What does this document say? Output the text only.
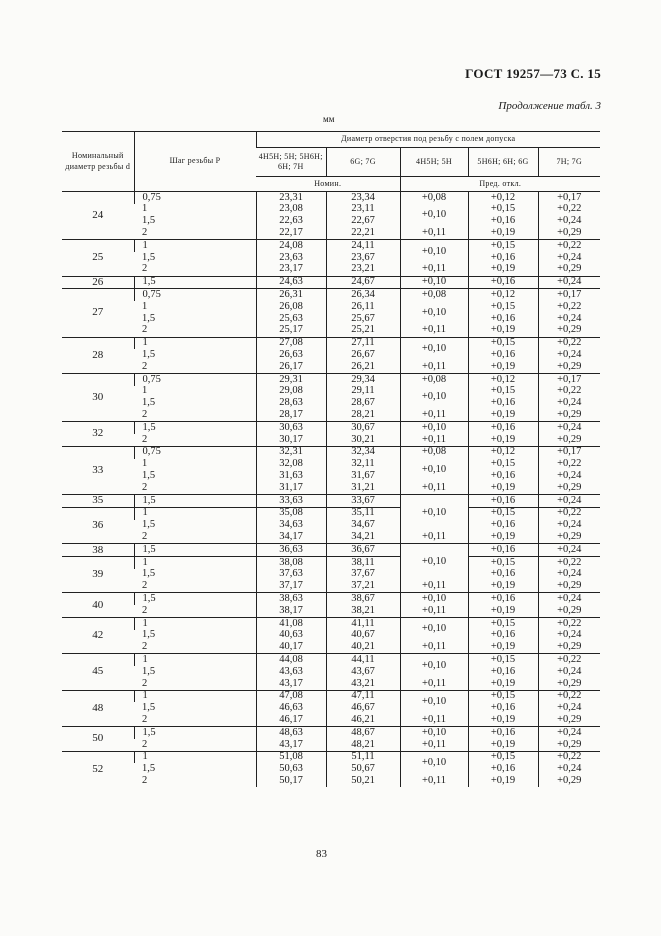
ГОСТ 19257—73 С. 15
Продолжение табл. 3
мм
Номинальный диаметр резьбы d	Шаг резьбы P	Диаметр отверстия под резьбу с полем допуска				
		4H5H; 5H; 5H6H; 6H; 7H	6G; 7G	4H5H; 5H	5H6H; 6H; 6G	7H; 7G
		Номин.		Пред. откл.		
24	0,75	23,31	23,34	+0,08	+0,12	+0,17
	1	23,08	23,11	+0,10	+0,15	+0,22
	1,5	22,63	22,67		+0,16	+0,24
	2	22,17	22,21	+0,11	+0,19	+0,29
25	1	24,08	24,11	+0,10	+0,15	+0,22
	1,5	23,63	23,67		+0,16	+0,24
	2	23,17	23,21	+0,11	+0,19	+0,29
26	1,5	24,63	24,67	+0,10	+0,16	+0,24
27	0,75	26,31	26,34	+0,08	+0,12	+0,17
	1	26,08	26,11	+0,10	+0,15	+0,22
	1,5	25,63	25,67		+0,16	+0,24
	2	25,17	25,21	+0,11	+0,19	+0,29
28	1	27,08	27,11	+0,10	+0,15	+0,22
	1,5	26,63	26,67		+0,16	+0,24
	2	26,17	26,21	+0,11	+0,19	+0,29
30	0,75	29,31	29,34	+0,08	+0,12	+0,17
	1	29,08	29,11	+0,10	+0,15	+0,22
	1,5	28,63	28,67		+0,16	+0,24
	2	28,17	28,21	+0,11	+0,19	+0,29
32	1,5	30,63	30,67	+0,10	+0,16	+0,24
	2	30,17	30,21	+0,11	+0,19	+0,29
33	0,75	32,31	32,34	+0,08	+0,12	+0,17
	1	32,08	32,11	+0,10	+0,15	+0,22
	1,5	31,63	31,67		+0,16	+0,24
	2	31,17	31,21	+0,11	+0,19	+0,29
35	1,5	33,63	33,67	+0,10	+0,16	+0,24
36	1	35,08	35,11		+0,15	+0,22
	1,5	34,63	34,67		+0,16	+0,24
	2	34,17	34,21	+0,11	+0,19	+0,29
38	1,5	36,63	36,67	+0,10	+0,16	+0,24
39	1	38,08	38,11		+0,15	+0,22
	1,5	37,63	37,67		+0,16	+0,24
	2	37,17	37,21	+0,11	+0,19	+0,29
40	1,5	38,63	38,67	+0,10	+0,16	+0,24
	2	38,17	38,21	+0,11	+0,19	+0,29
42	1	41,08	41,11	+0,10	+0,15	+0,22
	1,5	40,63	40,67		+0,16	+0,24
	2	40,17	40,21	+0,11	+0,19	+0,29
45	1	44,08	44,11	+0,10	+0,15	+0,22
	1,5	43,63	43,67		+0,16	+0,24
	2	43,17	43,21	+0,11	+0,19	+0,29
48	1	47,08	47,11	+0,10	+0,15	+0,22
	1,5	46,63	46,67		+0,16	+0,24
	2	46,17	46,21	+0,11	+0,19	+0,29
50	1,5	48,63	48,67	+0,10	+0,16	+0,24
	2	43,17	48,21	+0,11	+0,19	+0,29
52	1	51,08	51,11	+0,10	+0,15	+0,22
	1,5	50,63	50,67		+0,16	+0,24
	2	50,17	50,21	+0,11	+0,19	+0,29
83
